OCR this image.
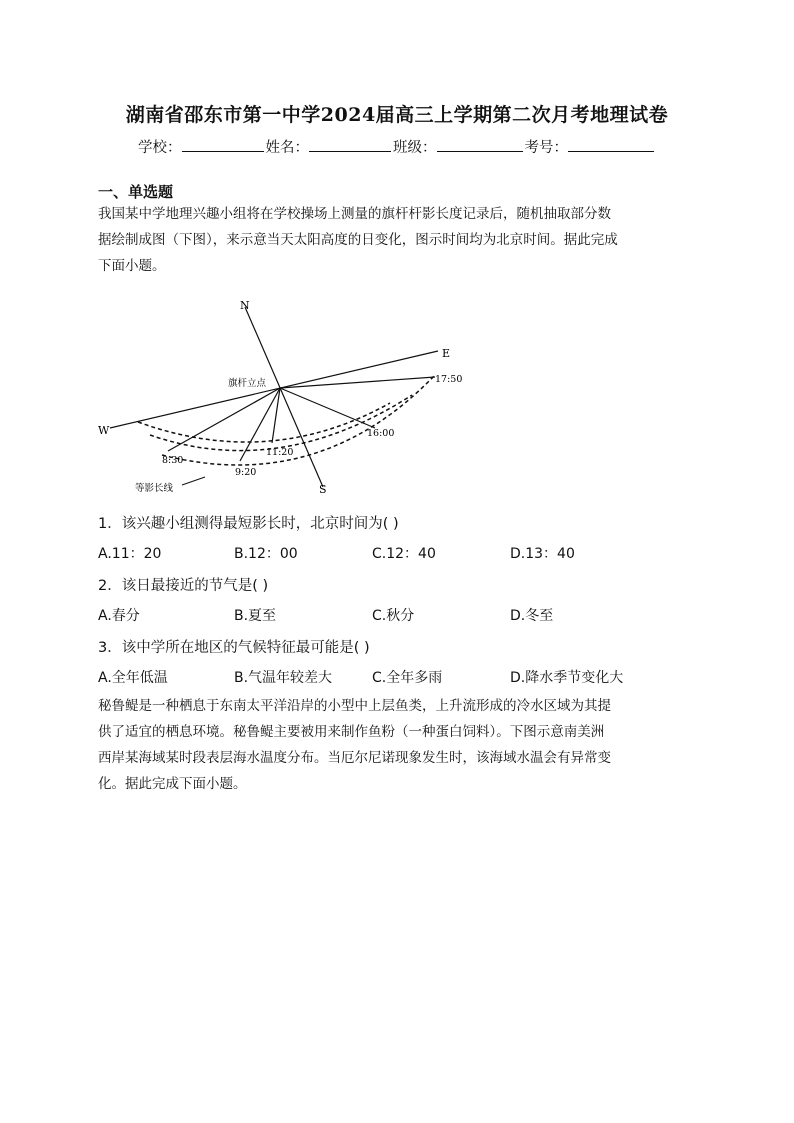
湖南省邵东市第一中学2024届高三上学期第二次月考地理试卷
学校：	姓名：	班级：	考号：
一、单选题
我国某中学地理兴趣小组将在学校操场上测量的旗杆杆影长度记录后，随机抽取部分数
据绘制成图（下图），来示意当天太阳高度的日变化，图示时间均为北京时间。据此完成
下面小题。
N
S
E
W
旗杆立点
8:30
9:20
11:20
16:00
17:50
等影长线
1．该兴趣小组测得最短影长时，北京时间为( )
A.11：20	B.12：00	C.12：40	D.13：40
2．该日最接近的节气是( )
A.春分	B.夏至	C.秋分	D.冬至
3．该中学所在地区的气候特征最可能是( )
A.全年低温	B.气温年较差大	C.全年多雨	D.降水季节变化大
秘鲁鳀是一种栖息于东南太平洋沿岸的小型中上层鱼类，上升流形成的冷水区域为其提
供了适宜的栖息环境。秘鲁鳀主要被用来制作鱼粉（一种蛋白饲料）。下图示意南美洲
西岸某海域某时段表层海水温度分布。当厄尔尼诺现象发生时，该海域水温会有异常变
化。据此完成下面小题。
